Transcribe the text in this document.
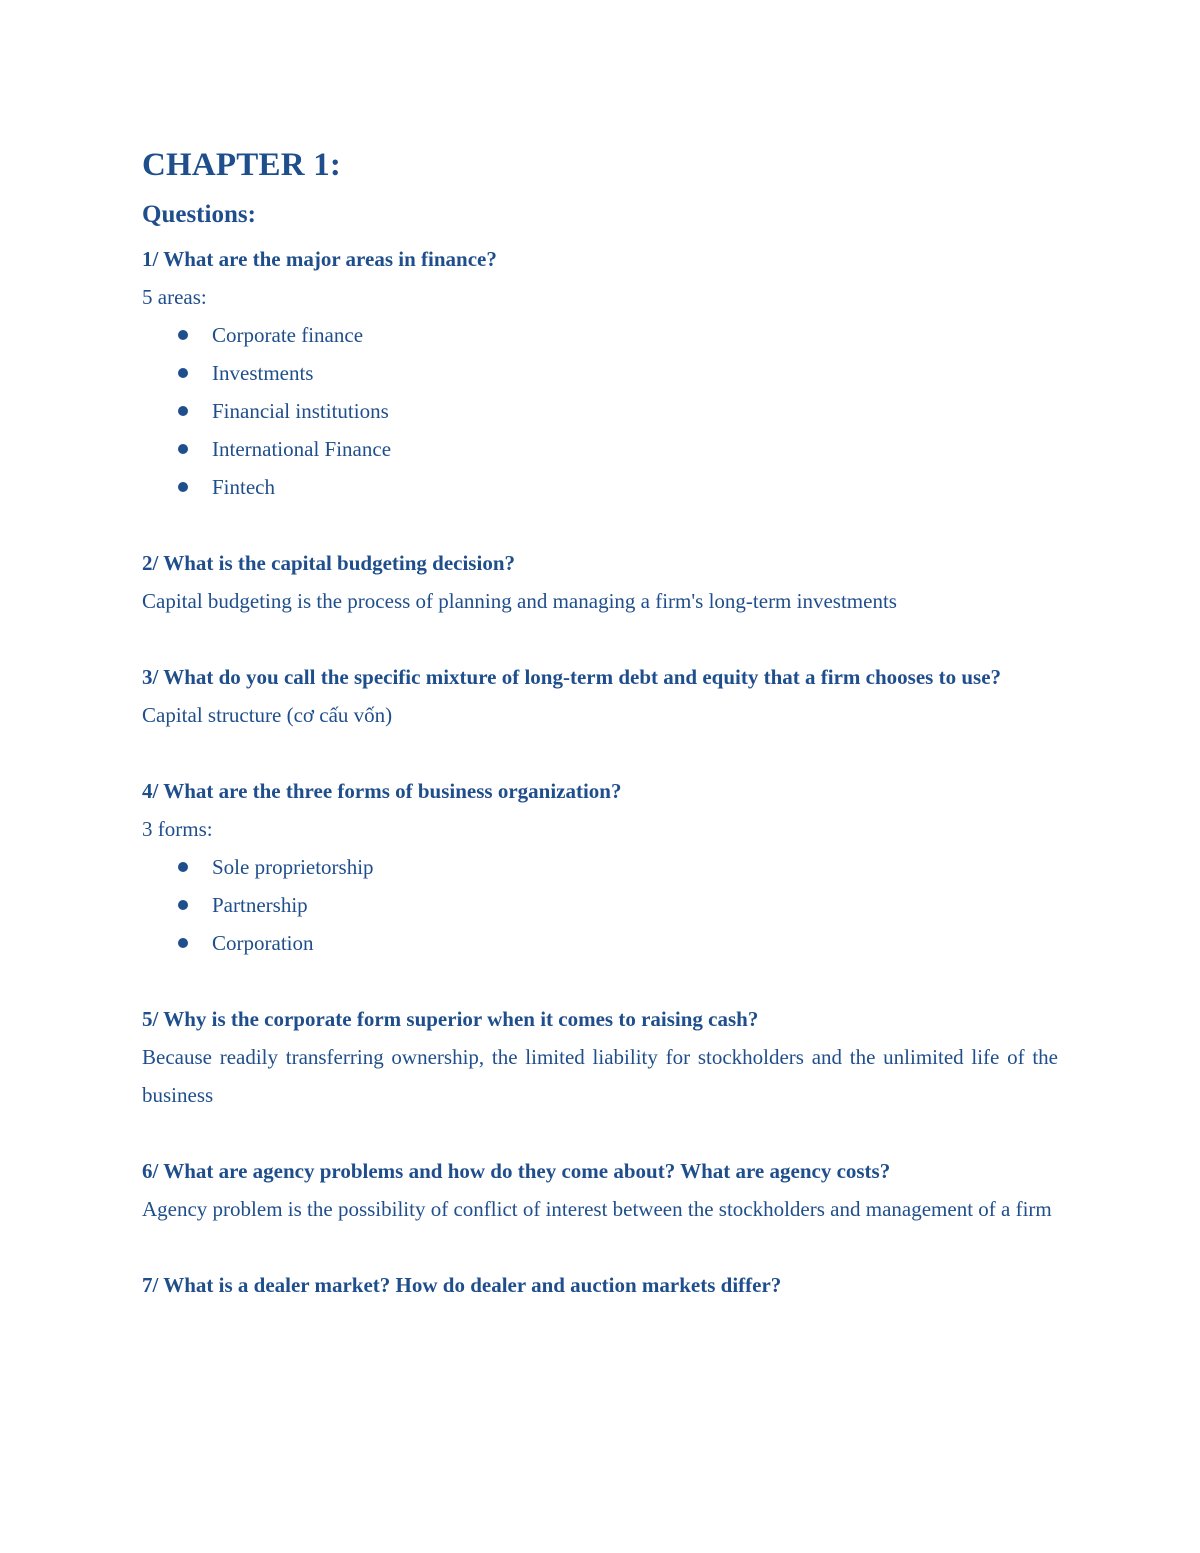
CHAPTER 1:
Questions:

1/ What are the major areas in finance?

5 areas:

Corporate finance
Investments
Financial institutions
International Finance
Fintech

2/ What is the capital budgeting decision?

Capital budgeting is the process of planning and managing a firm's long-term investments

3/ What do you call the specific mixture of long-term debt and equity that a firm chooses to use?

Capital structure (cơ cấu vốn)

4/ What are the three forms of business organization?

3 forms:

Sole proprietorship
Partnership
Corporation

5/ Why is the corporate form superior when it comes to raising cash?

Because readily transferring ownership, the limited liability for stockholders and the unlimited life of the business

6/ What are agency problems and how do they come about? What are agency costs?

Agency problem is the possibility of conflict of interest between the stockholders and management of a firm

7/ What is a dealer market? How do dealer and auction markets differ?
